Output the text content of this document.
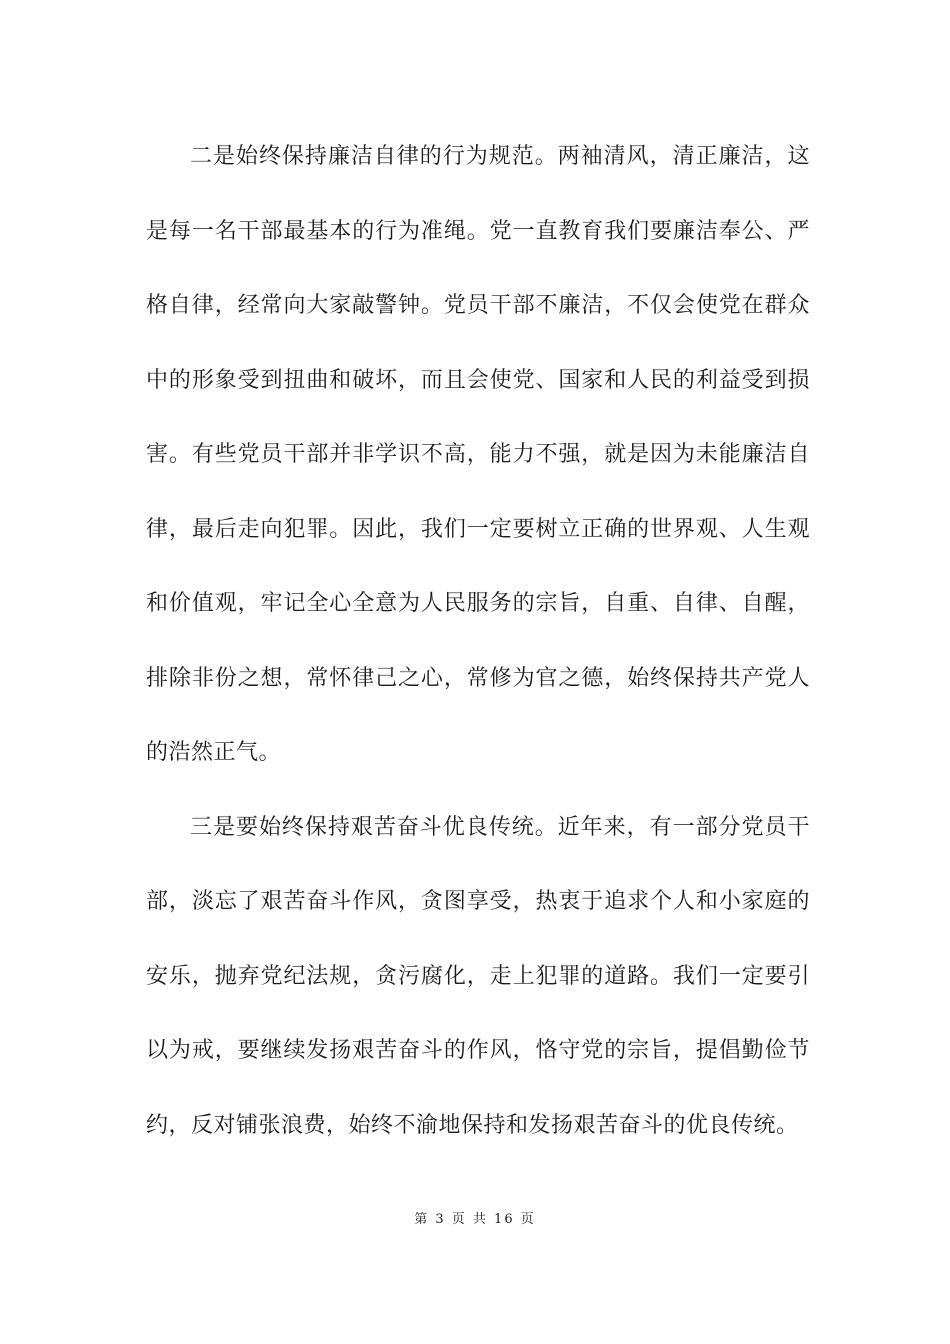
二是始终保持廉洁自律的行为规范。两袖清风，清正廉洁，这是每一名干部最基本的行为准绳。党一直教育我们要廉洁奉公、严格自律，经常向大家敲警钟。党员干部不廉洁，不仅会使党在群众中的形象受到扭曲和破坏，而且会使党、国家和人民的利益受到损害。有些党员干部并非学识不高，能力不强，就是因为未能廉洁自律，最后走向犯罪。因此，我们一定要树立正确的世界观、人生观和价值观，牢记全心全意为人民服务的宗旨，自重、自律、自醒，排除非份之想，常怀律己之心，常修为官之德，始终保持共产党人的浩然正气。

三是要始终保持艰苦奋斗优良传统。近年来，有一部分党员干部，淡忘了艰苦奋斗作风，贪图享受，热衷于追求个人和小家庭的安乐，抛弃党纪法规，贪污腐化，走上犯罪的道路。我们一定要引以为戒，要继续发扬艰苦奋斗的作风，恪守党的宗旨，提倡勤俭节约，反对铺张浪费，始终不渝地保持和发扬艰苦奋斗的优良传统。

第 3 页 共 16 页
